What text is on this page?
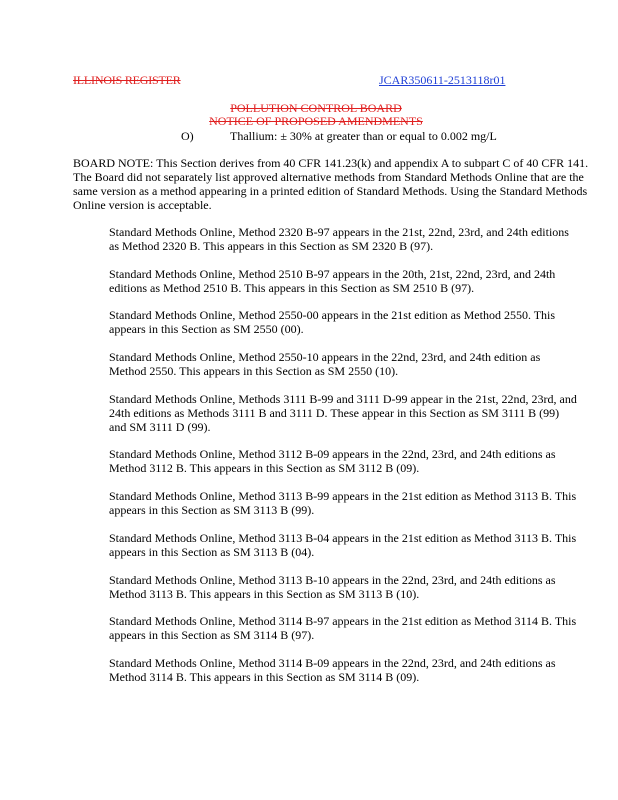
ILLINOIS REGISTER	JCAR350611-2513118r01
POLLUTION CONTROL BOARD
NOTICE OF PROPOSED AMENDMENTS
O)	Thallium: ± 30% at greater than or equal to 0.002 mg/L
BOARD NOTE: This Section derives from 40 CFR 141.23(k) and appendix A to subpart C of 40 CFR 141. The Board did not separately list approved alternative methods from Standard Methods Online that are the same version as a method appearing in a printed edition of Standard Methods. Using the Standard Methods Online version is acceptable.

Standard Methods Online, Method 2320 B-97 appears in the 21st, 22nd, 23rd, and 24th editions as Method 2320 B. This appears in this Section as SM 2320 B (97).

Standard Methods Online, Method 2510 B-97 appears in the 20th, 21st, 22nd, 23rd, and 24th editions as Method 2510 B. This appears in this Section as SM 2510 B (97).

Standard Methods Online, Method 2550-00 appears in the 21st edition as Method 2550. This appears in this Section as SM 2550 (00).

Standard Methods Online, Method 2550-10 appears in the 22nd, 23rd, and 24th edition as Method 2550. This appears in this Section as SM 2550 (10).

Standard Methods Online, Methods 3111 B-99 and 3111 D-99 appear in the 21st, 22nd, 23rd, and 24th editions as Methods 3111 B and 3111 D. These appear in this Section as SM 3111 B (99) and SM 3111 D (99).

Standard Methods Online, Method 3112 B-09 appears in the 22nd, 23rd, and 24th editions as Method 3112 B. This appears in this Section as SM 3112 B (09).

Standard Methods Online, Method 3113 B-99 appears in the 21st edition as Method 3113 B. This appears in this Section as SM 3113 B (99).

Standard Methods Online, Method 3113 B-04 appears in the 21st edition as Method 3113 B. This appears in this Section as SM 3113 B (04).

Standard Methods Online, Method 3113 B-10 appears in the 22nd, 23rd, and 24th editions as Method 3113 B. This appears in this Section as SM 3113 B (10).

Standard Methods Online, Method 3114 B-97 appears in the 21st edition as Method 3114 B. This appears in this Section as SM 3114 B (97).

Standard Methods Online, Method 3114 B-09 appears in the 22nd, 23rd, and 24th editions as Method 3114 B. This appears in this Section as SM 3114 B (09).
